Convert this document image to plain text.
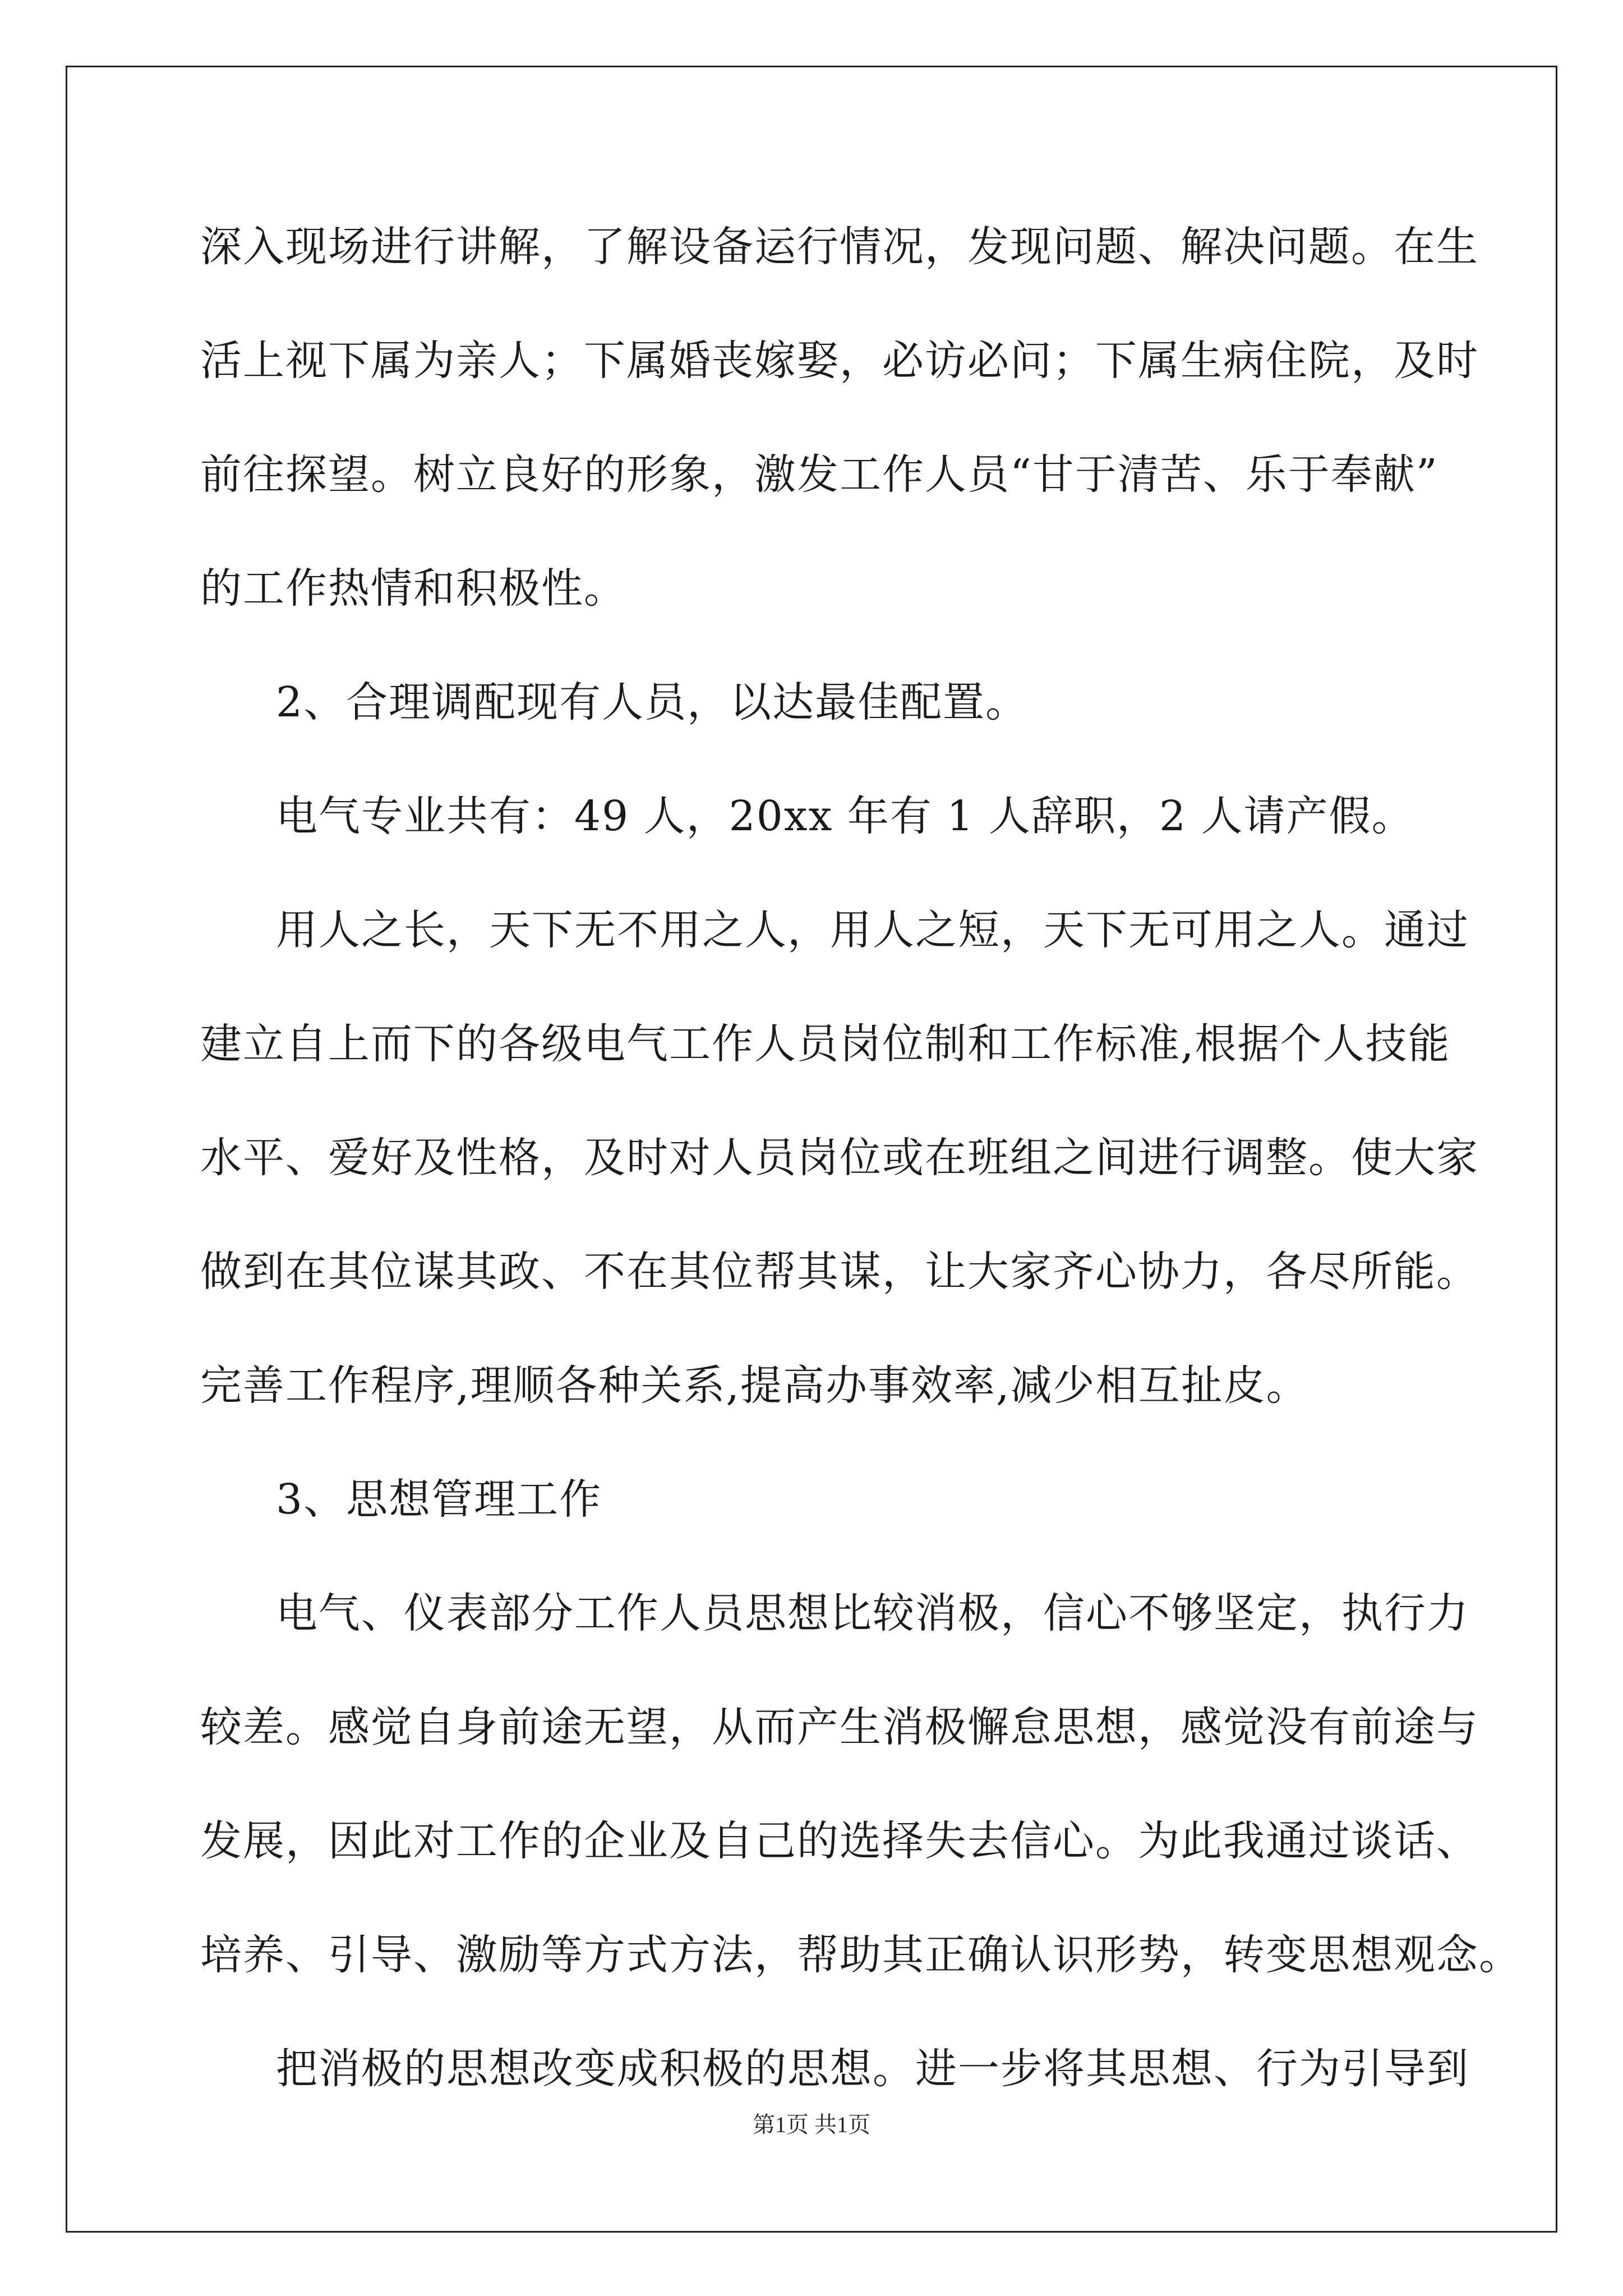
深入现场进行讲解，了解设备运行情况，发现问题、解决问题。在生
活上视下属为亲人；下属婚丧嫁娶，必访必问；下属生病住院，及时
前往探望。树立良好的形象，激发工作人员“甘于清苦、乐于奉献”
的工作热情和积极性。
2、合理调配现有人员，以达最佳配置。
电气专业共有：49 人，20xx 年有 1 人辞职，2 人请产假。
用人之长，天下无不用之人，用人之短，天下无可用之人。通过
建立自上而下的各级电气工作人员岗位制和工作标准,根据个人技能
水平、爱好及性格，及时对人员岗位或在班组之间进行调整。使大家
做到在其位谋其政、不在其位帮其谋，让大家齐心协力，各尽所能。
完善工作程序,理顺各种关系,提高办事效率,减少相互扯皮。
3、思想管理工作
电气、仪表部分工作人员思想比较消极，信心不够坚定，执行力
较差。感觉自身前途无望，从而产生消极懈怠思想，感觉没有前途与
发展，因此对工作的企业及自己的选择失去信心。为此我通过谈话、
培养、引导、激励等方式方法，帮助其正确认识形势，转变思想观念。
把消极的思想改变成积极的思想。进一步将其思想、行为引导到
第1页 共1页
